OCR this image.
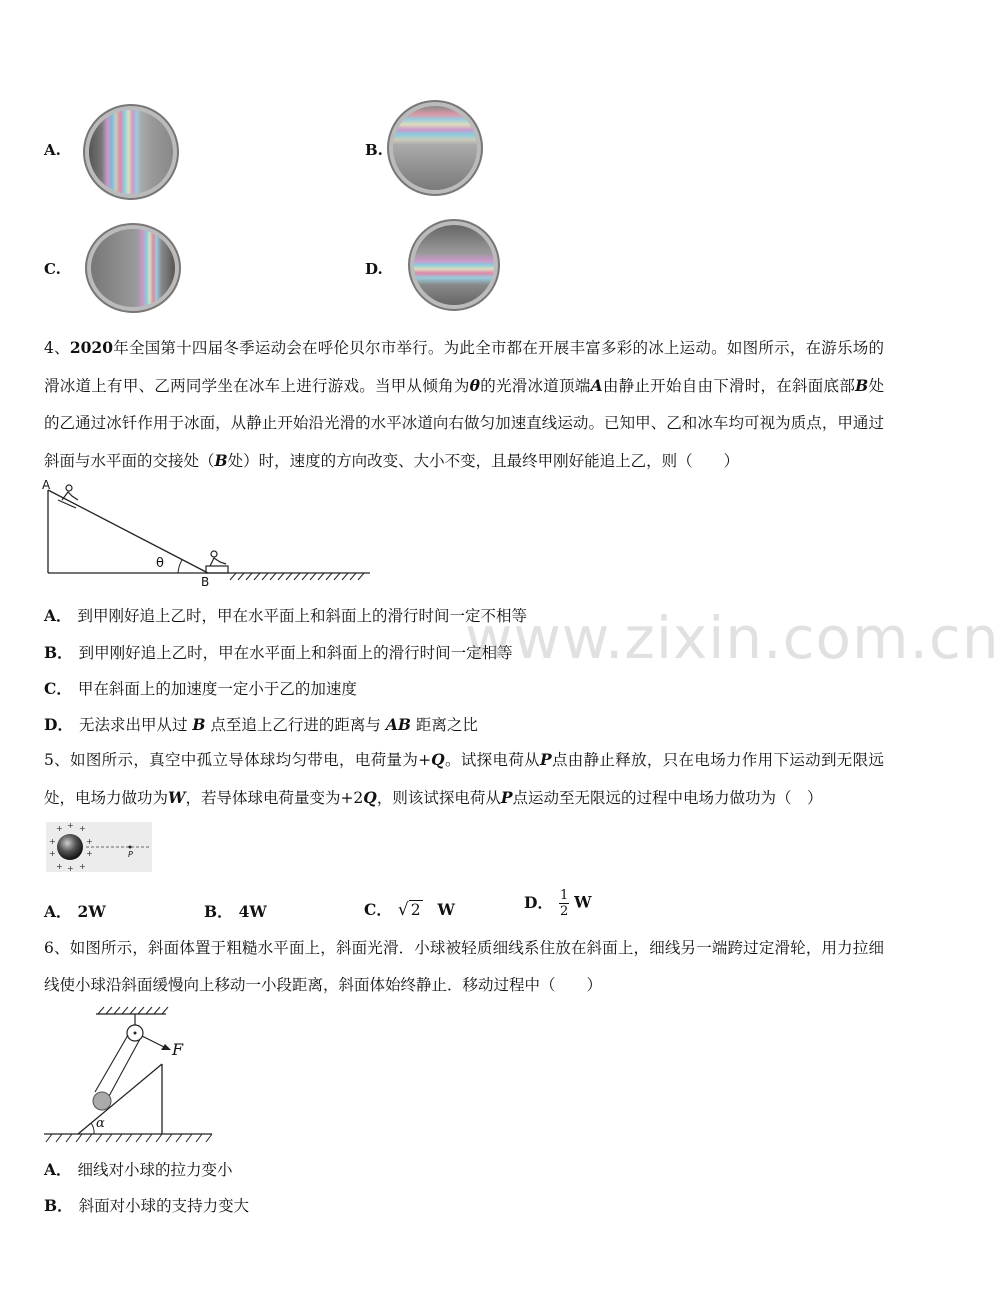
A.	B.
C.	D.
4、2020年全国第十四届冬季运动会在呼伦贝尔市举行。为此全市都在开展丰富多彩的冰上运动。如图所示，在游乐场的滑冰道上有甲、乙两同学坐在冰车上进行游戏。当甲从倾角为θ的光滑冰道顶端A由静止开始自由下滑时，在斜面底部B处的乙通过冰钎作用于冰面，从静止开始沿光滑的水平冰道向右做匀加速直线运动。已知甲、乙和冰车均可视为质点，甲通过斜面与水平面的交接处（B处）时，速度的方向改变、大小不变，且最终甲刚好能追上乙，则（　　）
A
θ
B
A． 到甲刚好追上乙时，甲在水平面上和斜面上的滑行时间一定不相等
B． 到甲刚好追上乙时，甲在水平面上和斜面上的滑行时间一定相等
C． 甲在斜面上的加速度一定小于乙的加速度
D． 无法求出甲从过 B 点至追上乙行进的距离与 AB 距离之比
www.zixin.com.cn
5、如图所示，真空中孤立导体球均匀带电，电荷量为+Q。试探电荷从P点由静止释放，只在电场力作用下运动到无限远处，电场力做功为W，若导体球电荷量变为+2Q，则该试探电荷从P点运动至无限远的过程中电场力做功为（　）
+ + +
+	+
+	+
+ + +
P
A． 2W	B． 4W	C． √ 2 W	D． $\frac{1}{2}$ W
6、如图所示，斜面体置于粗糙水平面上，斜面光滑．小球被轻质细线系住放在斜面上，细线另一端跨过定滑轮，用力拉细线使小球沿斜面缓慢向上移动一小段距离，斜面体始终静止．移动过程中（　　）
F
α
A． 细线对小球的拉力变小
B． 斜面对小球的支持力变大
